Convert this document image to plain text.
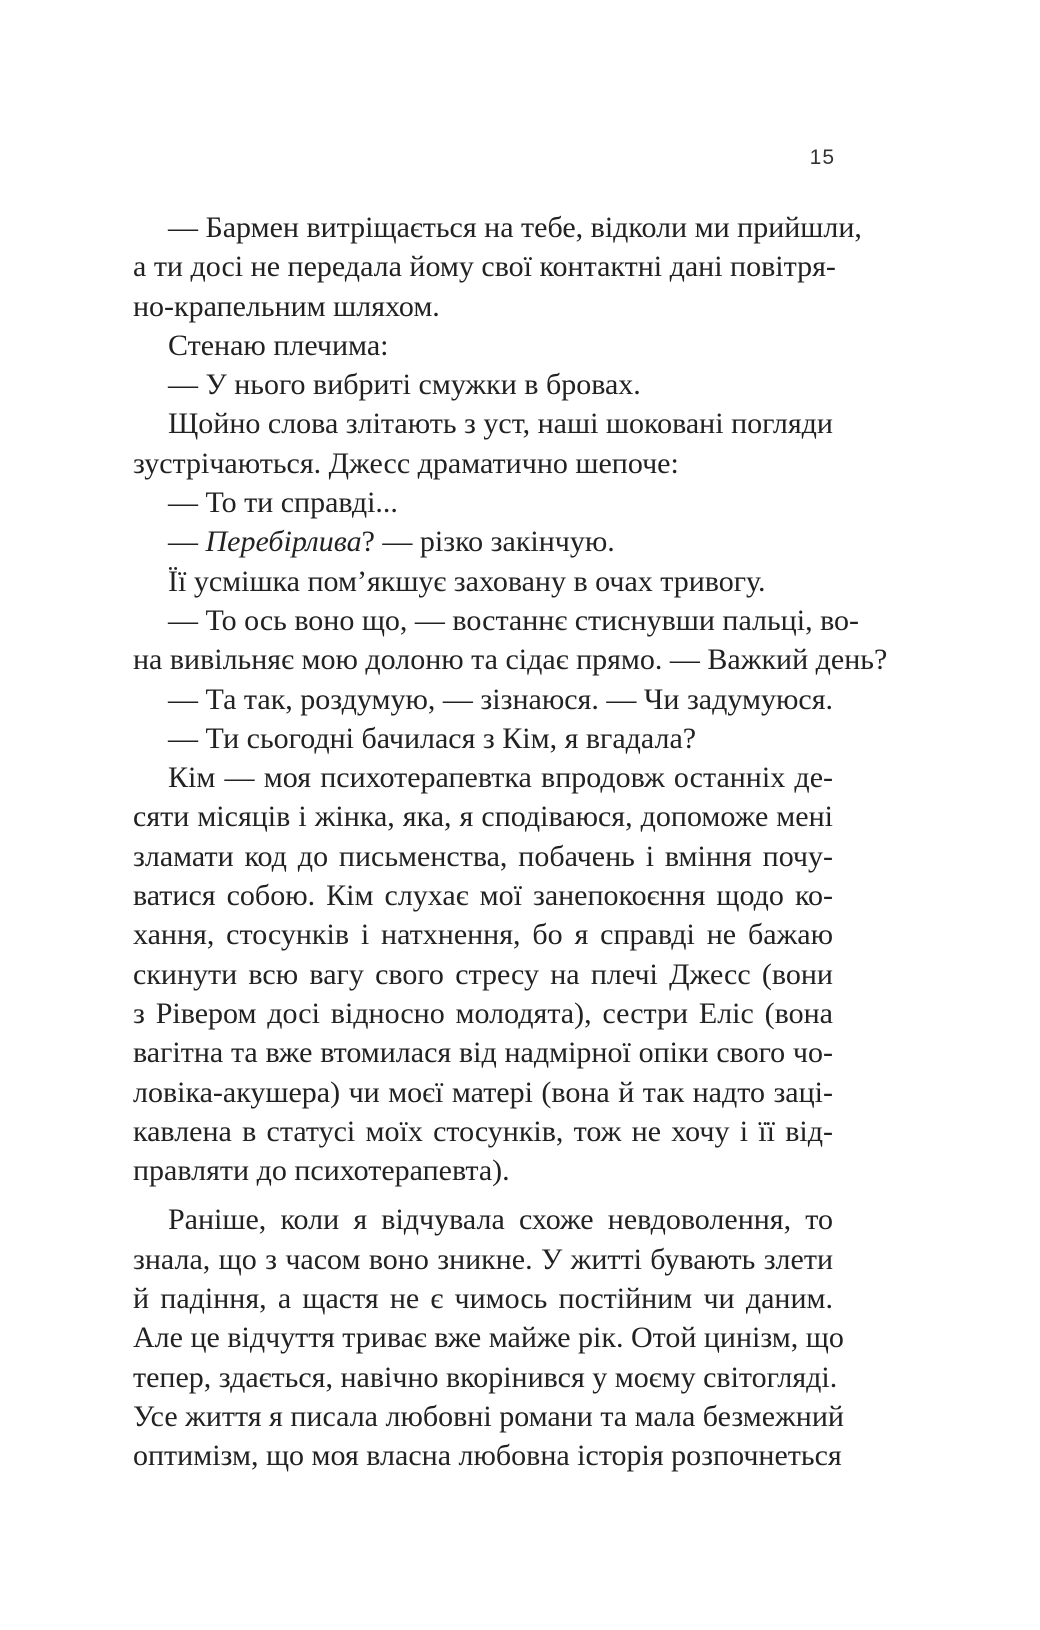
15
— Бармен витріщається на тебе, відколи ми прийшли,
а ти досі не передала йому свої контактні дані повітря-
но-крапельним шляхом.
Стенаю плечима:
— У нього вибриті смужки в бровах.
Щойно слова злітають з уст, наші шоковані погляди
зустрічаються. Джесс драматично шепоче:
— То ти справді...
— Перебірлива? — різко закінчую.
Її усмішка пом’якшує заховану в очах тривогу.
— То ось воно що, — востаннє стиснувши пальці, во-
на вивільняє мою долоню та сідає прямо. — Важкий день?
— Та так, роздумую, — зізнаюся. — Чи задумуюся.
— Ти сьогодні бачилася з Кім, я вгадала?
Кім — моя психотерапевтка впродовж останніх де-
сяти місяців і жінка, яка, я сподіваюся, допоможе мені
зламати код до письменства, побачень і вміння почу-
ватися собою. Кім слухає мої занепокоєння щодо ко-
хання, стосунків і натхнення, бо я справді не бажаю
скинути всю вагу свого стресу на плечі Джесс (вони
з Рівером досі відносно молодята), сестри Еліс (вона
вагітна та вже втомилася від надмірної опіки свого чо-
ловіка-акушера) чи моєї матері (вона й так надто заці-
кавлена в статусі моїх стосунків, тож не хочу і її від-
правляти до психотерапевта).
Раніше, коли я відчувала схоже невдоволення, то
знала, що з часом воно зникне. У житті бувають злети
й падіння, а щастя не є чимось постійним чи даним.
Але це відчуття триває вже майже рік. Отой цинізм, що
тепер, здається, навічно вкорінився у моєму світогляді.
Усе життя я писала любовні романи та мала безмежний
оптимізм, що моя власна любовна історія розпочнеться
